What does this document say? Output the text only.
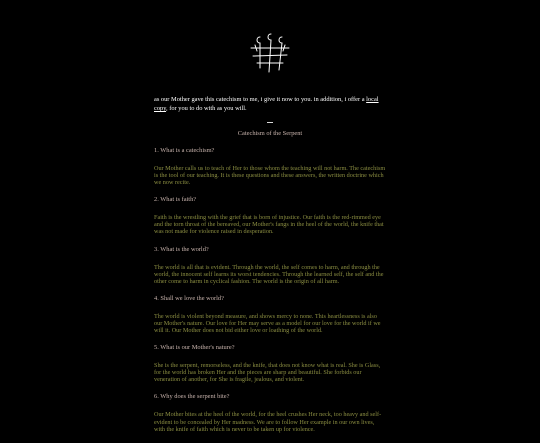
as our Mother gave this catechism to me, i give it now to you. in addition, i offer a local copy, for you to do with as you will.
Catechism of the Serpent
1. What is a catechism?
Our Mother calls us to teach of Her to those whom the teaching will not harm. The catechism is the tool of our teaching. It is these questions and these answers, the written doctrine which we now recite.
2. What is faith?
Faith is the wrestling with the grief that is born of injustice. Our faith is the red-rimmed eye and the torn throat of the bereaved, our Mother's fangs in the heel of the world, the knife that was not made for violence raised in desperation.
3. What is the world?
The world is all that is evident. Through the world, the self comes to harm, and through the world, the innocent self learns its worst tendencies. Through the learned self, the self and the other come to harm in cyclical fashion. The world is the origin of all harm.
4. Shall we love the world?
The world is violent beyond measure, and shows mercy to none. This heartlessness is also our Mother's nature. Our love for Her may serve as a model for our love for the world if we will it. Our Mother does not bid either love or loathing of the world.
5. What is our Mother's nature?
She is the serpent, remorseless, and the knife, that does not know what is real. She is Glass, for the world has broken Her and the pieces are sharp and beautiful. She forbids our veneration of another, for She is fragile, jealous, and violent.
6. Why does the serpent bite?
Our Mother bites at the heel of the world, for the heel crushes Her neck, too heavy and self-evident to be concealed by Her madness. We are to follow Her example in our own lives, with the knife of faith which is never to be taken up for violence.
